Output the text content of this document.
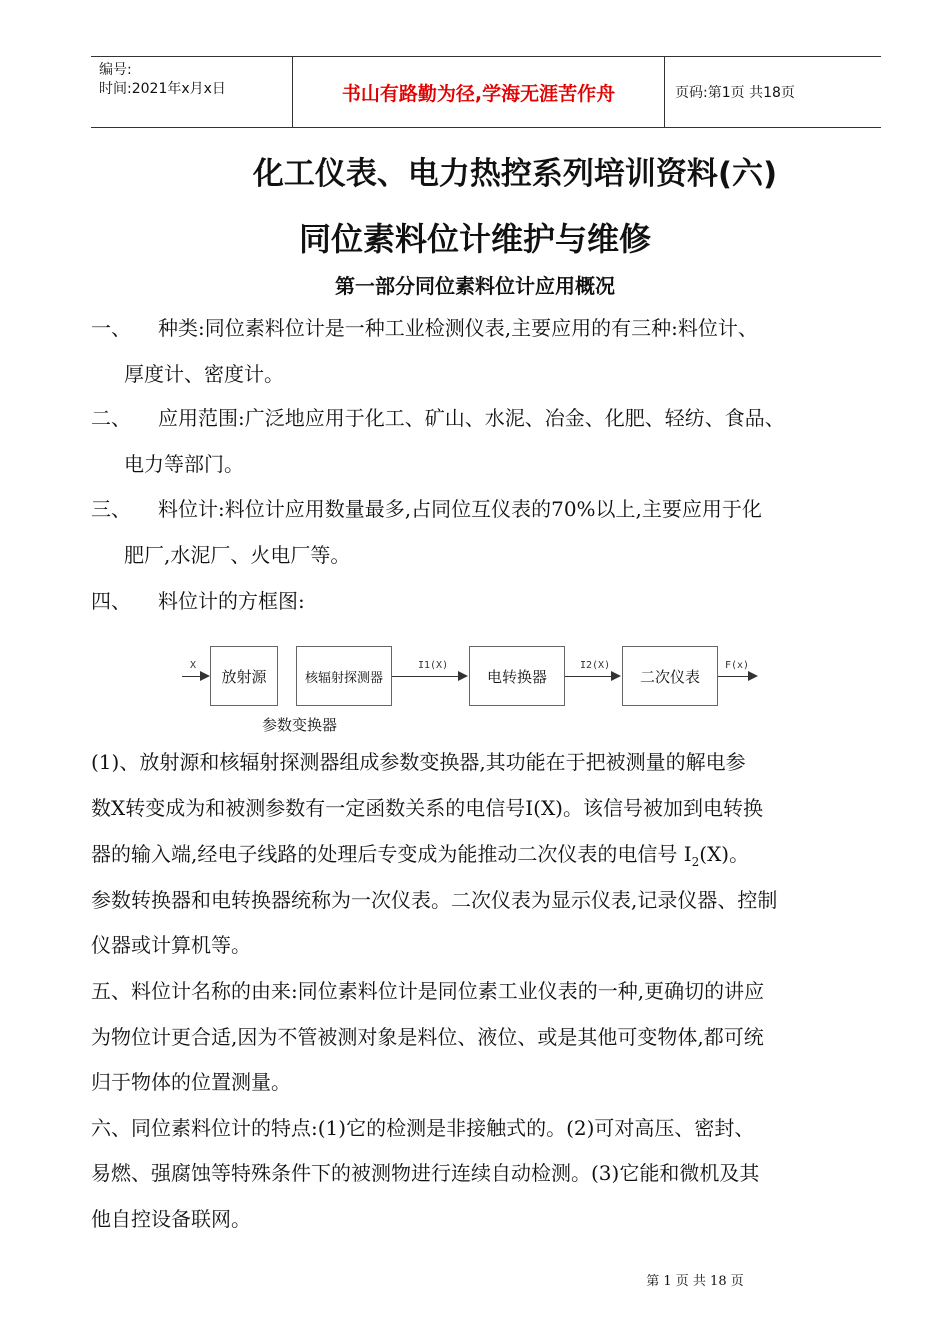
编号:
时间:2021年x月x日	书山有路勤为径,学海无涯苦作舟	页码:第1页 共18页
化工仪表、电力热控系列培训资料(六)
同位素料位计维护与维修
第一部分同位素料位计应用概况
一、 种类:同位素料位计是一种工业检测仪表,主要应用的有三种:料位计、
厚度计、密度计。
二、 应用范围:广泛地应用于化工、矿山、水泥、冶金、化肥、轻纺、食品、
电力等部门。
三、 料位计:料位计应用数量最多,占同位互仪表的70%以上,主要应用于化
肥厂,水泥厂、火电厂等。
四、 料位计的方框图:
X
放射源	核辐射探测器
I1(X)
电转换器
I2(X)
二次仪表
F(x)
参数变换器
(1)、放射源和核辐射探测器组成参数变换器,其功能在于把被测量的解电参
数X转变成为和被测参数有一定函数关系的电信号I(X)。该信号被加到电转换
器的输入端,经电子线路的处理后专变成为能推动二次仪表的电信号 $I_2(X)$。
参数转换器和电转换器统称为一次仪表。二次仪表为显示仪表,记录仪器、控制
仪器或计算机等。
五、料位计名称的由来:同位素料位计是同位素工业仪表的一种,更确切的讲应
为物位计更合适,因为不管被测对象是料位、液位、或是其他可变物体,都可统
归于物体的位置测量。
六、同位素料位计的特点:(1)它的检测是非接触式的。(2)可对高压、密封、
易燃、强腐蚀等特殊条件下的被测物进行连续自动检测。(3)它能和微机及其
他自控设备联网。
第 1 页 共 18 页
